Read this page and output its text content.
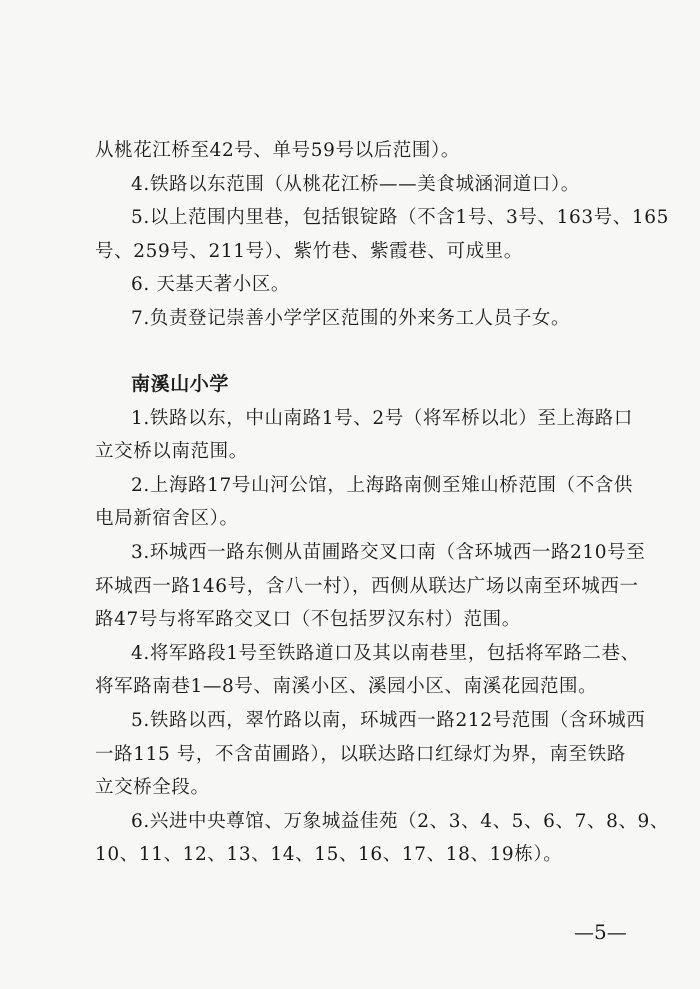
从桃花江桥至42号、单号59号以后范围）。
4.铁路以东范围（从桃花江桥——美食城涵洞道口）。
5.以上范围内里巷，包括银锭路（不含1号、3号、163号、165
号、259号、211号）、紫竹巷、紫霞巷、可成里。
6. 天基天著小区。
7.负责登记崇善小学学区范围的外来务工人员子女。
南溪山小学
1.铁路以东，中山南路1号、2号（将军桥以北）至上海路口
立交桥以南范围。
2.上海路17号山河公馆，上海路南侧至雉山桥范围（不含供
电局新宿舍区）。
3.环城西一路东侧从苗圃路交叉口南（含环城西一路210号至
环城西一路146号，含八一村），西侧从联达广场以南至环城西一
路47号与将军路交叉口（不包括罗汉东村）范围。
4.将军路段1号至铁路道口及其以南巷里，包括将军路二巷、
将军路南巷1—8号、南溪小区、溪园小区、南溪花园范围。
5.铁路以西，翠竹路以南，环城西一路212号范围（含环城西
一路115 号，不含苗圃路），以联达路口红绿灯为界，南至铁路
立交桥全段。
6.兴进中央尊馆、万象城益佳苑（2、3、4、5、6、7、8、9、
10、11、12、13、14、15、16、17、18、19栋）。
—5—
